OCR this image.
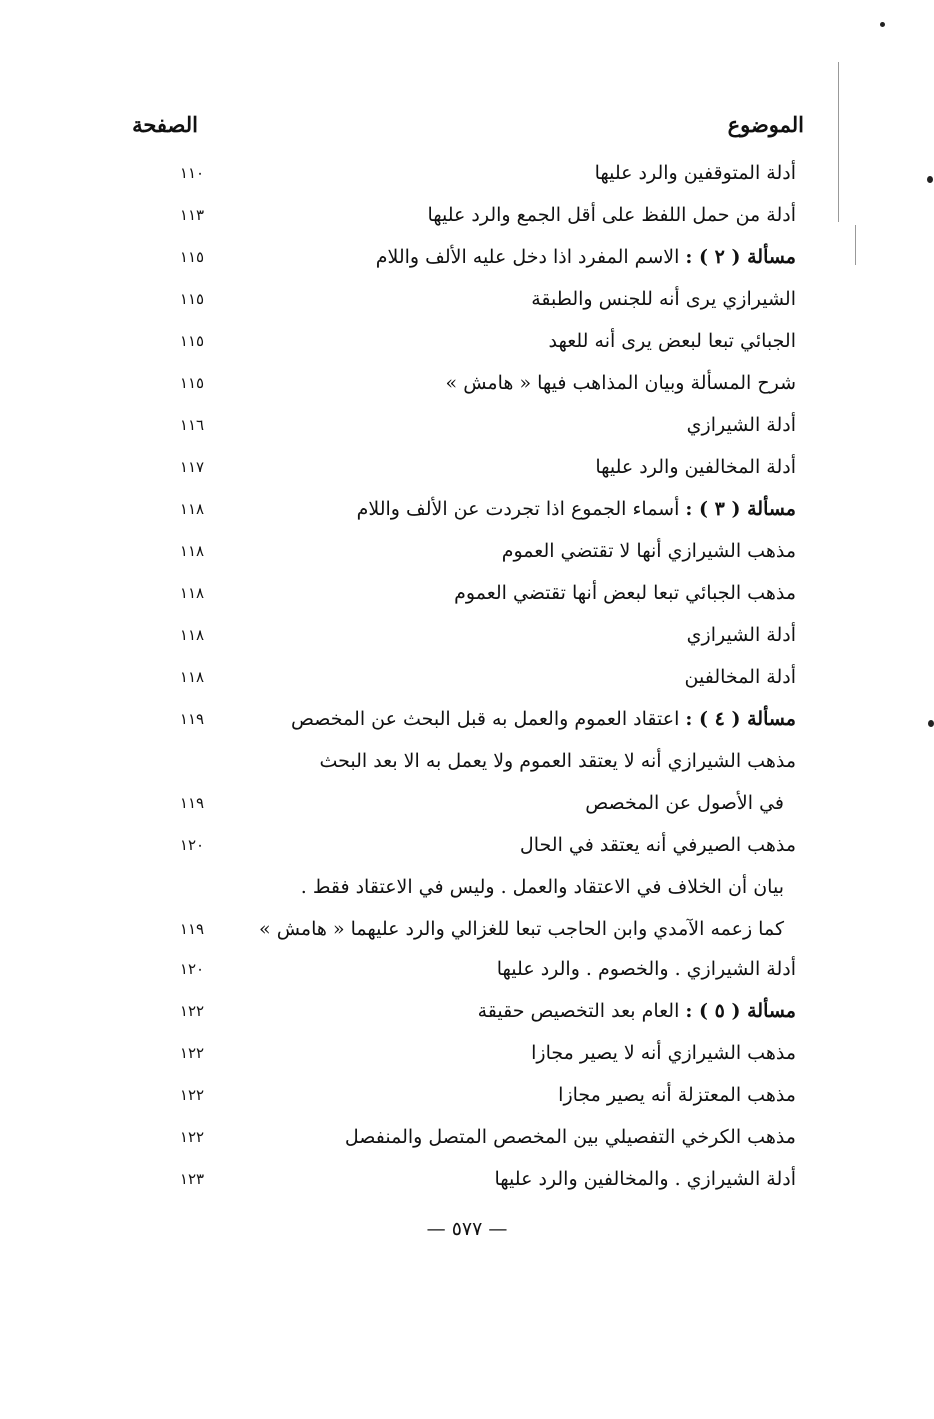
الموضوع
الصفحة
أدلة المتوقفين والرد عليها
١١٠
أدلة من حمل اللفظ على أقل الجمع والرد عليها
١١٣
مسألة ( ٢ ) : الاسم المفرد اذا دخل عليه الألف واللام
١١٥
الشيرازي يرى أنه للجنس والطبقة
١١٥
الجبائي تبعا لبعض يرى أنه للعهد
١١٥
شرح المسألة وبيان المذاهب فيها « هامش »
١١٥
أدلة الشيرازي
١١٦
أدلة المخالفين والرد عليها
١١٧
مسألة ( ٣ ) : أسماء الجموع اذا تجردت عن الألف واللام
١١٨
مذهب الشيرازي أنها لا تقتضي العموم
١١٨
مذهب الجبائي تبعا لبعض أنها تقتضي العموم
١١٨
أدلة الشيرازي
١١٨
أدلة المخالفين
١١٨
مسألة ( ٤ ) : اعتقاد العموم والعمل به قبل البحث عن المخصص
١١٩
مذهب الشيرازي أنه لا يعتقد العموم ولا يعمل به الا بعد البحث
في الأصول عن المخصص
١١٩
مذهب الصيرفي أنه يعتقد في الحال
١٢٠
بيان أن الخلاف في الاعتقاد والعمل . وليس في الاعتقاد فقط .
كما زعمه الآمدي وابن الحاجب تبعا للغزالي والرد عليهما « هامش »
١١٩
أدلة الشيرازي . والخصوم . والرد عليها
١٢٠
مسألة ( ٥ ) : العام بعد التخصيص حقيقة
١٢٢
مذهب الشيرازي أنه لا يصير مجازا
١٢٢
مذهب المعتزلة أنه يصير مجازا
١٢٢
مذهب الكرخي التفصيلي بين المخصص المتصل والمنفصل
١٢٢
أدلة الشيرازي . والمخالفين والرد عليها
١٢٣
— ٥٧٧ —
